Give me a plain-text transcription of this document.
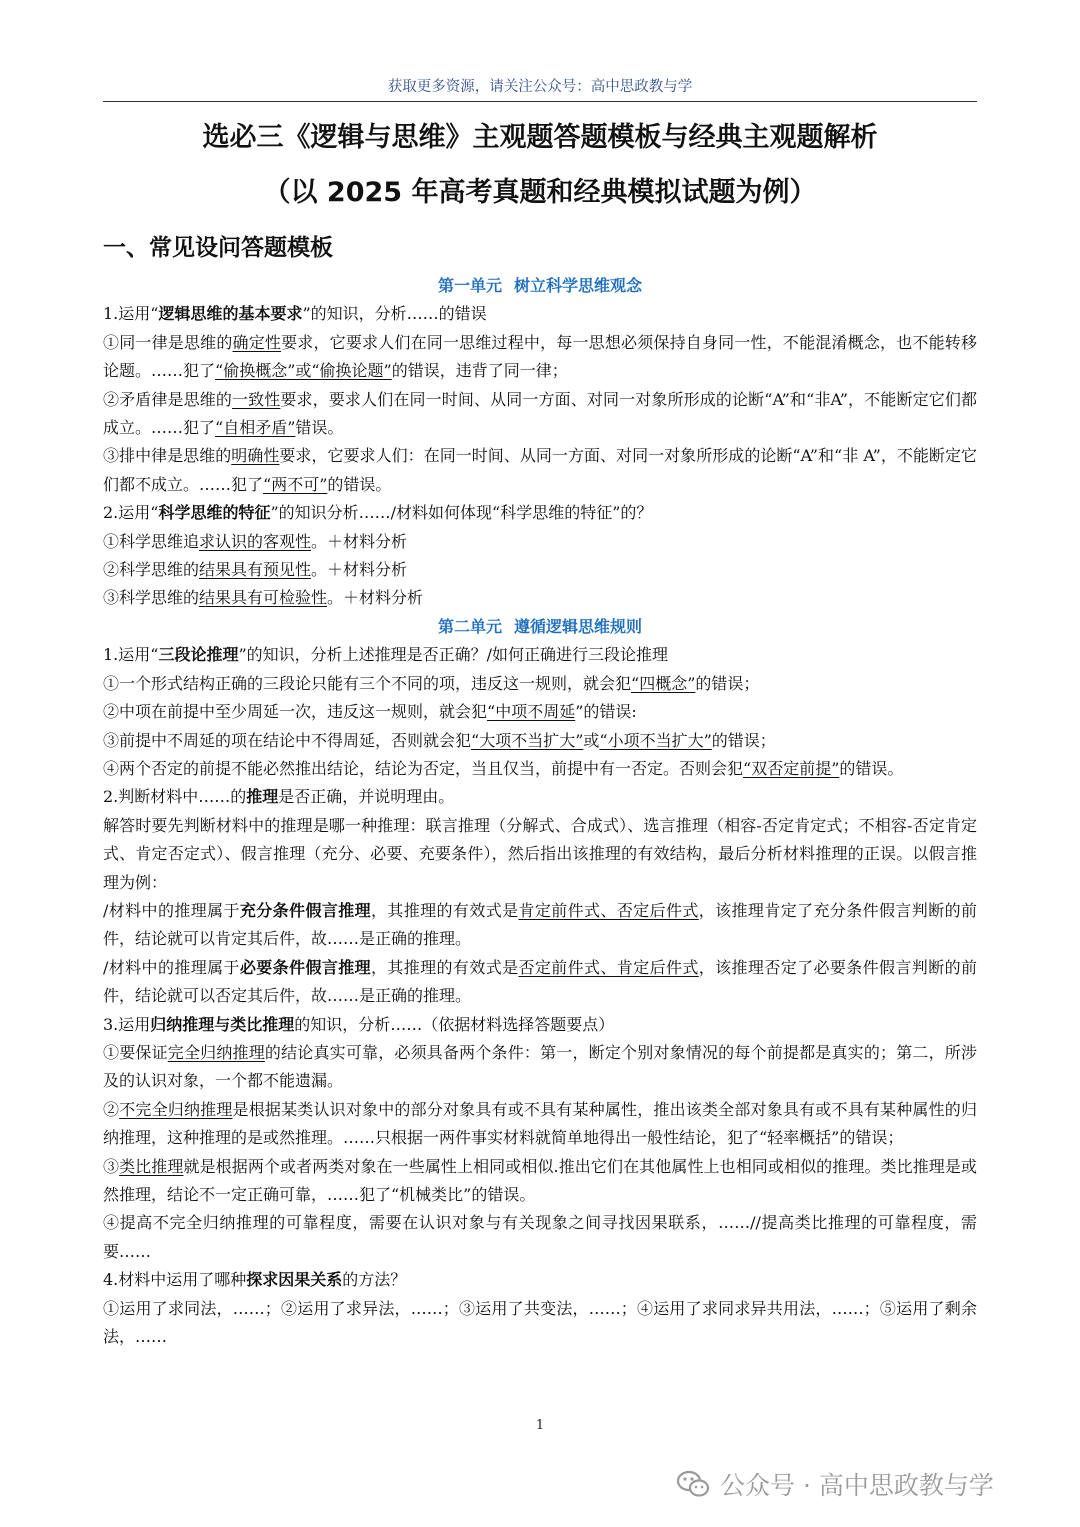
获取更多资源，请关注公众号：高中思政教与学
选必三《逻辑与思维》主观题答题模板与经典主观题解析
（以 2025 年高考真题和经典模拟试题为例）
一、常见设问答题模板

第一单元 树立科学思维观念

1.运用“逻辑思维的基本要求”的知识，分析……的错误

①同一律是思维的确定性要求，它要求人们在同一思维过程中，每一思想必须保持自身同一性，不能混淆概念，也不能转移论题。……犯了“偷换概念”或“偷换论题”的错误，违背了同一律；

②矛盾律是思维的一致性要求，要求人们在同一时间、从同一方面、对同一对象所形成的论断“A”和“非A”，不能断定它们都成立。……犯了“自相矛盾”错误。

③排中律是思维的明确性要求，它要求人们：在同一时间、从同一方面、对同一对象所形成的论断“A”和“非 A”，不能断定它们都不成立。……犯了“两不可”的错误。

2.运用“科学思维的特征”的知识分析……/材料如何体现“科学思维的特征”的？

①科学思维追求认识的客观性。＋材料分析

②科学思维的结果具有预见性。＋材料分析

③科学思维的结果具有可检验性。＋材料分析

第二单元 遵循逻辑思维规则

1.运用“三段论推理”的知识，分析上述推理是否正确？/如何正确进行三段论推理

①一个形式结构正确的三段论只能有三个不同的项，违反这一规则，就会犯“四概念”的错误；

②中项在前提中至少周延一次，违反这一规则，就会犯“中项不周延”的错误:

③前提中不周延的项在结论中不得周延，否则就会犯“大项不当扩大”或“小项不当扩大”的错误；

④两个否定的前提不能必然推出结论，结论为否定，当且仅当，前提中有一否定。否则会犯“双否定前提”的错误。

2.判断材料中……的推理是否正确，并说明理由。

解答时要先判断材料中的推理是哪一种推理：联言推理（分解式、合成式）、选言推理（相容-否定肯定式；不相容-否定肯定式、肯定否定式）、假言推理（充分、必要、充要条件），然后指出该推理的有效结构，最后分析材料推理的正误。以假言推理为例：

/材料中的推理属于充分条件假言推理，其推理的有效式是肯定前件式、否定后件式，该推理肯定了充分条件假言判断的前件，结论就可以肯定其后件，故……是正确的推理。

/材料中的推理属于必要条件假言推理，其推理的有效式是否定前件式、肯定后件式，该推理否定了必要条件假言判断的前件，结论就可以否定其后件，故……是正确的推理。

3.运用归纳推理与类比推理的知识，分析……（依据材料选择答题要点）

①要保证完全归纳推理的结论真实可靠，必须具备两个条件：第一，断定个别对象情况的每个前提都是真实的；第二，所涉及的认识对象，一个都不能遗漏。

②不完全归纳推理是根据某类认识对象中的部分对象具有或不具有某种属性，推出该类全部对象具有或不具有某种属性的归纳推理，这种推理的是或然推理。……只根据一两件事实材料就简单地得出一般性结论，犯了“轻率概括”的错误；

③类比推理就是根据两个或者两类对象在一些属性上相同或相似.推出它们在其他属性上也相同或相似的推理。类比推理是或然推理，结论不一定正确可靠，……犯了“机械类比”的错误。

④提高不完全归纳推理的可靠程度，需要在认识对象与有关现象之间寻找因果联系，……//提高类比推理的可靠程度，需要……

4.材料中运用了哪种探求因果关系的方法？

①运用了求同法，……；②运用了求异法，……；③运用了共变法，……；④运用了求同求异共用法，……；⑤运用了剩余法，……

1
公众号 · 高中思政教与学
